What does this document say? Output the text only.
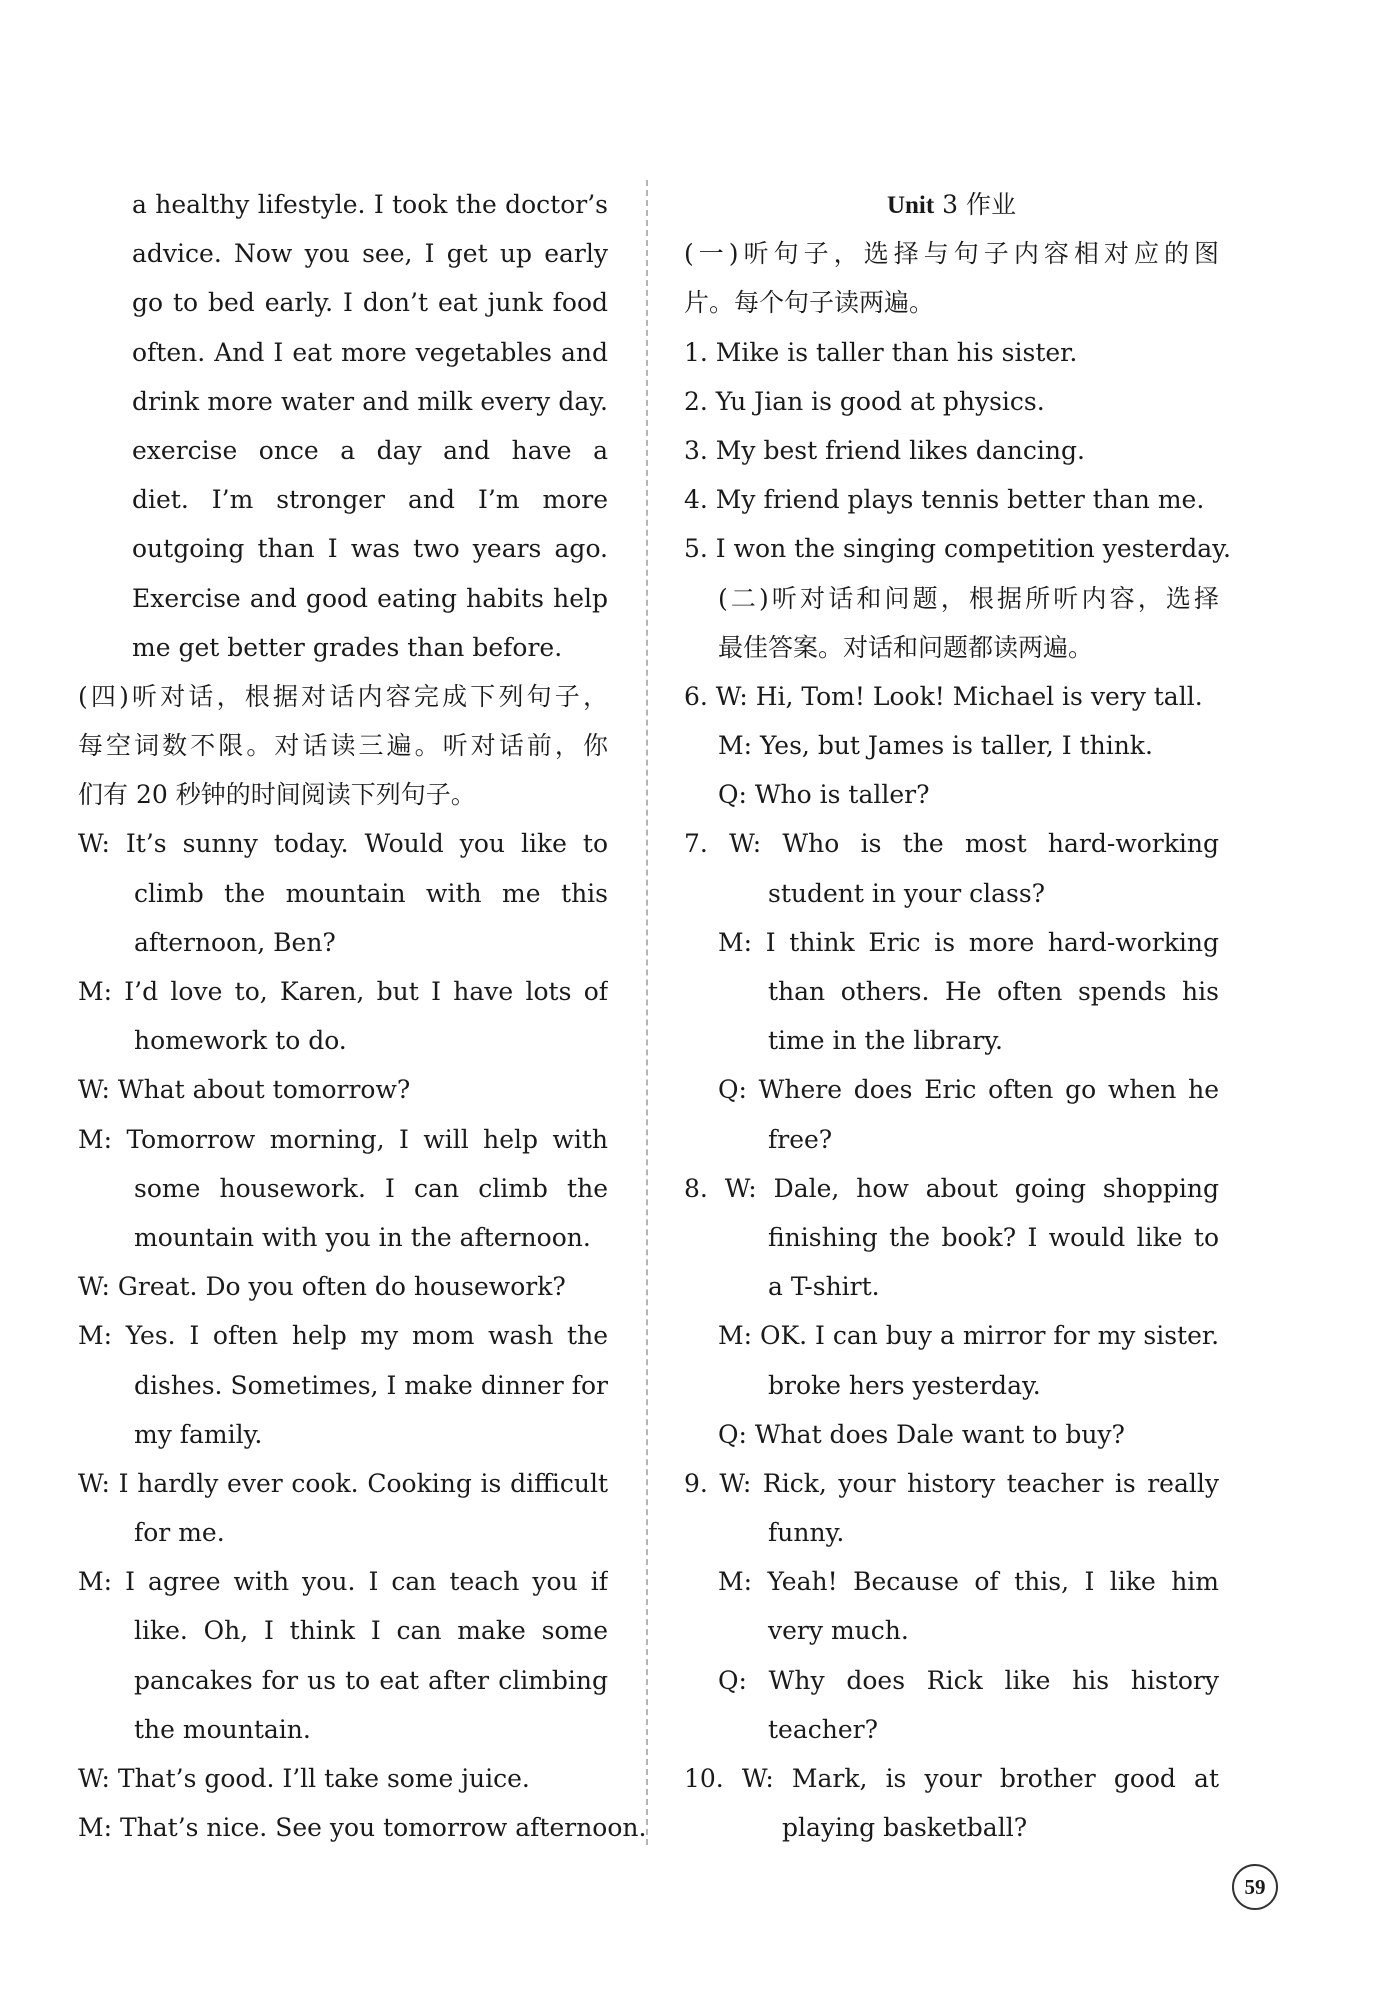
a healthy lifestyle. I took the doctor’s
advice. Now you see, I get up early
go to bed early. I don’t eat junk food
often. And I eat more vegetables and
drink more water and milk every day.
exercise once a day and have a
diet. I’m stronger and I’m more
outgoing than I was two years ago.
Exercise and good eating habits help
me get better grades than before.
(四)听对话，根据对话内容完成下列句子，
每空词数不限。对话读三遍。听对话前，你
们有 20 秒钟的时间阅读下列句子。
W: It’s sunny today. Would you like to
climb the mountain with me this
afternoon, Ben?
M: I’d love to, Karen, but I have lots of
homework to do.
W: What about tomorrow?
M: Tomorrow morning, I will help with
some housework. I can climb the
mountain with you in the afternoon.
W: Great. Do you often do housework?
M: Yes. I often help my mom wash the
dishes. Sometimes, I make dinner for
my family.
W: I hardly ever cook. Cooking is difficult
for me.
M: I agree with you. I can teach you if
like. Oh, I think I can make some
pancakes for us to eat after climbing
the mountain.
W: That’s good. I’ll take some juice.
M: That’s nice. See you tomorrow afternoon.
Unit 3 作业
(一)听句子，选择与句子内容相对应的图
片。每个句子读两遍。
1. Mike is taller than his sister.
2. Yu Jian is good at physics.
3. My best friend likes dancing.
4. My friend plays tennis better than me.
5. I won the singing competition yesterday.
(二)听对话和问题，根据所听内容，选择
最佳答案。对话和问题都读两遍。
6. W: Hi, Tom! Look! Michael is very tall.
M: Yes, but James is taller, I think.
Q: Who is taller?
7. W: Who is the most hard-working
student in your class?
M: I think Eric is more hard-working
than others. He often spends his
time in the library.
Q: Where does Eric often go when he
free?
8. W: Dale, how about going shopping
finishing the book? I would like to
a T-shirt.
M: OK. I can buy a mirror for my sister.
broke hers yesterday.
Q: What does Dale want to buy?
9. W: Rick, your history teacher is really
funny.
M: Yeah! Because of this, I like him
very much.
Q: Why does Rick like his history
teacher?
10. W: Mark, is your brother good at
playing basketball?
59
